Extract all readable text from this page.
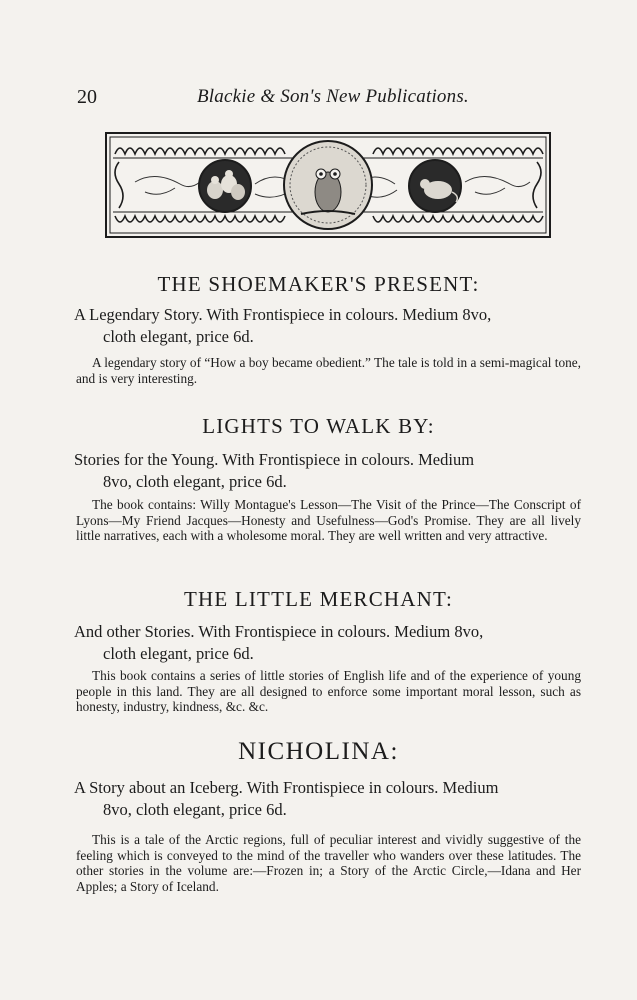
20	Blackie & Son's New Publications.
THE SHOEMAKER'S PRESENT:
A Legendary Story. With Frontispiece in colours. Medium 8vo,
cloth elegant, price 6d.
A legendary story of “How a boy became obedient.” The tale is told in a semi-magical tone, and is very interesting.
LIGHTS TO WALK BY:
Stories for the Young. With Frontispiece in colours. Medium
8vo, cloth elegant, price 6d.
The book contains: Willy Montague's Lesson—The Visit of the Prince—The Conscript of Lyons—My Friend Jacques—Honesty and Usefulness—God's Promise. They are all lively little narratives, each with a wholesome moral. They are well written and very attractive.
THE LITTLE MERCHANT:
And other Stories. With Frontispiece in colours. Medium 8vo,
cloth elegant, price 6d.
This book contains a series of little stories of English life and of the experience of young people in this land. They are all designed to enforce some important moral lesson, such as honesty, industry, kindness, &c. &c.
NICHOLINA:
A Story about an Iceberg. With Frontispiece in colours. Medium
8vo, cloth elegant, price 6d.
This is a tale of the Arctic regions, full of peculiar interest and vividly suggestive of the feeling which is conveyed to the mind of the traveller who wanders over these latitudes. The other stories in the volume are:—Frozen in; a Story of the Arctic Circle,—Idana and Her Apples; a Story of Iceland.
